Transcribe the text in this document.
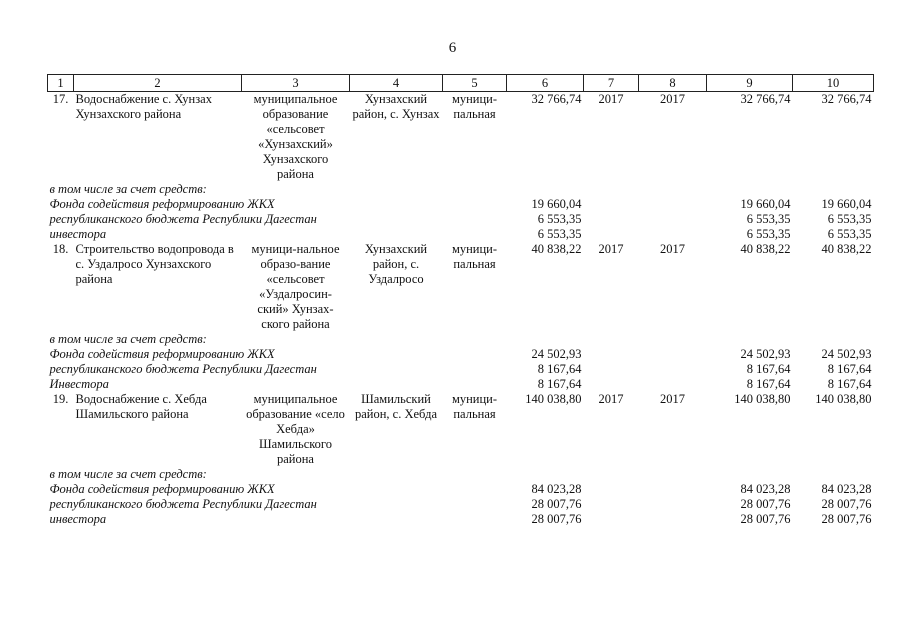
6
1	2	3	4	5	6	7	8	9	10
17.	Водоснабжение с. Хунзах Хунзахского района	муниципальное образование «сельсовет «Хунзахский» Хунзахского района	Хунзахский район, с. Хунзах	муници-пальная	32 766,74	2017	2017	32 766,74	32 766,74
в том числе за счет средств:									
Фонда содействия реформированию ЖКХ					19 660,04			19 660,04	19 660,04
республиканского бюджета Республики Дагестан					6 553,35			6 553,35	6 553,35
инвестора					6 553,35			6 553,35	6 553,35
18.	Строительство водопровода в с. Уздалросо Хунзахского района	муници-нальное образо-вание «сельсовет «Уздалросин-ский» Хунзах-ского района	Хунзахский район, с. Уздалросо	муници-пальная	40 838,22	2017	2017	40 838,22	40 838,22
в том числе за счет средств:									
Фонда содействия реформированию ЖКХ					24 502,93			24 502,93	24 502,93
республиканского бюджета Республики Дагестан					8 167,64			8 167,64	8 167,64
Инвестора					8 167,64			8 167,64	8 167,64
19.	Водоснабжение с. Хебда Шамильского района	муниципальное образование «село Хебда» Шамильского района	Шамильский район, с. Хебда	муници-пальная	140 038,80	2017	2017	140 038,80	140 038,80
в том числе за счет средств:									
Фонда содействия реформированию ЖКХ					84 023,28			84 023,28	84 023,28
республиканского бюджета Республики Дагестан					28 007,76			28 007,76	28 007,76
инвестора					28 007,76			28 007,76	28 007,76
